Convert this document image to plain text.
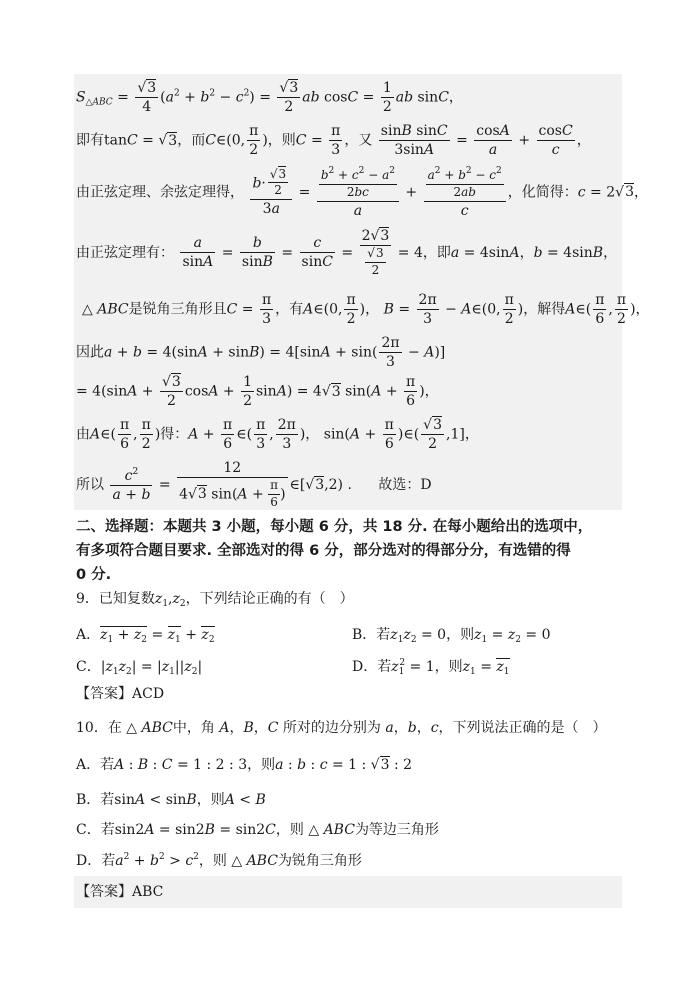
$S_{\triangle ABC} = \frac{√3}{4} (a^2 + b^2 - c^2) = \frac{√3}{2}$ ab $\cos C = \frac{1}{2}$ ab sinC，
即有tanC = √3，而C∈(0, $\frac{\pi}{2}$ )，则$C = \frac{\pi}{3}$ ，又 $\frac{\text{sinB sinC}}{3\sin A} = \frac{\cos A}{a} + \frac{\cos C}{c}$ ，
由正弦定理、余弦定理得， $\frac{b\cdot \frac{√3}{2}}{3a} = \frac{\frac{b^2 + c^2 - a^2}{2bc}}{a} + \frac{\frac{a^2 + b^2 - c^2}{2ab}}{c}$ ，化简得：c = 2√3，
由正弦定理有： $\frac{a}{\sin A} = \frac{b}{\sin B} = \frac{c}{\sin C} = \frac{2√3}{\frac{√3}{2}} = 4$，即a = 4sinA，b = 4sinB，
△ ABC是锐角三角形且$C = \frac{\pi}{3}$ ，有A∈(0, $\frac{\pi}{2}$ )， $B = \frac{2\pi}{3}$ − A∈(0, $\frac{\pi}{2}$ )，解得A∈( $\frac{\pi}{6}$ , $\frac{\pi}{2}$ )，
因此$a + b = 4(\sin A + \sin B) = 4[\sin A + \sin( \frac{2\pi}{3} - A)]$
= $4(\sin A + \frac{√3}{2}$ $\cos A + \frac{1}{2} \sin A) = 4√3$ $\sin(A + \frac{\pi}{6}$ )，
由A∈( $\frac{\pi}{6}$ , $\frac{\pi}{2}$ )得：$A + \frac{\pi}{6}$ ∈( $\frac{\pi}{3}$ , $\frac{2\pi}{3}$ )， $\sin(A + \frac{\pi}{6}$ )∈( $\frac{√3}{2} ,1$]，
所以 $\frac{c^2}{a + b} = \frac{12}{4√3 \sin(A + \frac{\pi}{6} )}$ ∈[√3,2) . 故选：D
二、选择题：本题共 3 小题，每小题 6 分，共 18 分. 在每小题给出的选项中，
有多项符合题目要求. 全部选对的得 6 分，部分选对的得部分分，有选错的得
0 分.
9．已知复数$z_1,z_2$，下列结论正确的有（　）
A．$z_1 + z_2 = z_1 + z_2$	B．若$z_1z_2 = 0$，则$z_1 = z_2 = 0$
C．$|z_1z_2| = |z_1||z_2|$	D．若$z_1^2 = 1$，则$z_1 = z_1$
【答案】ACD
10．在 △ ABC中，角 A，B，C 所对的边分别为 a，b，c，下列说法正确的是（　）
A．若A : B : C = 1 : 2 : 3，则a : b : c = 1 : √3 : 2
B．若sinA < sinB，则A < B
C．若sin2A = sin2B = sin2C，则 △ ABC为等边三角形
D．若$a^2 + b^2 > c^2$，则 △ ABC为锐角三角形
【答案】ABC
